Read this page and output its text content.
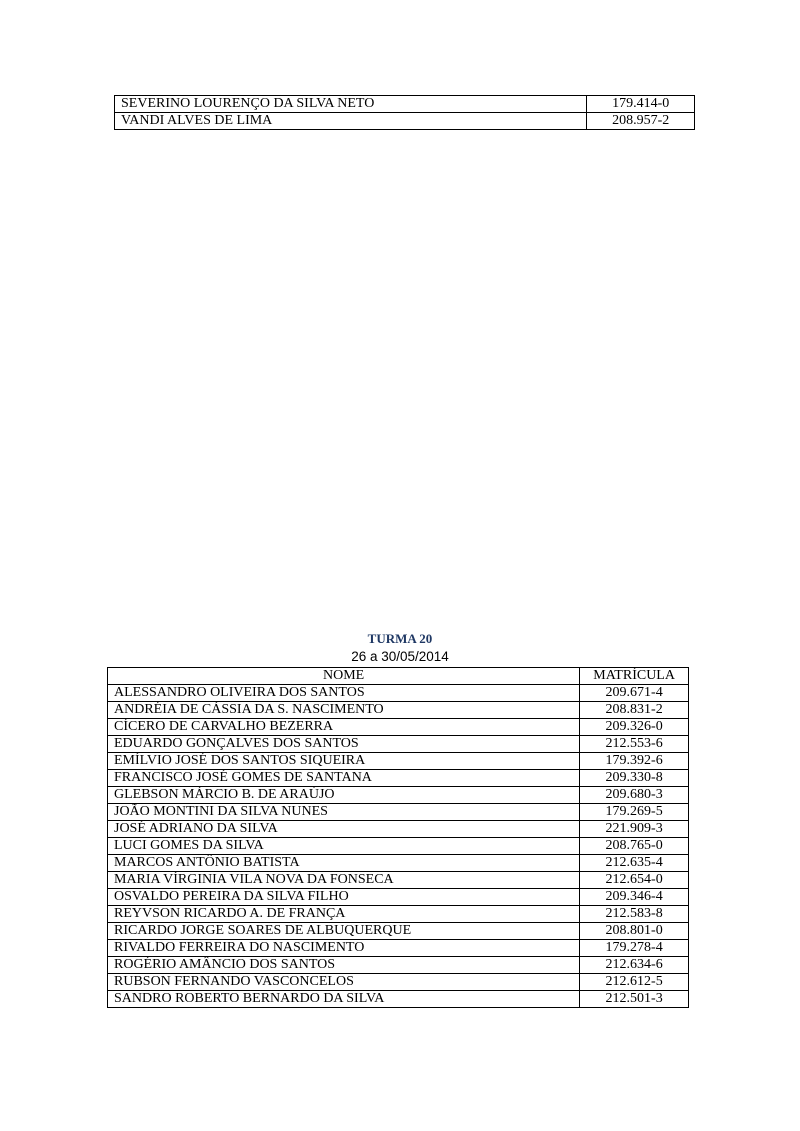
SEVERINO LOURENÇO DA SILVA NETO	179.414-0
VANDI ALVES DE LIMA	208.957-2
TURMA 20
26 a 30/05/2014
NOME	MATRÍCULA
ALESSANDRO OLIVEIRA DOS SANTOS	209.671-4
ANDRÉIA DE CÁSSIA DA S. NASCIMENTO	208.831-2
CÍCERO DE CARVALHO BEZERRA	209.326-0
EDUARDO GONÇALVES DOS SANTOS	212.553-6
EMÍLVIO JOSÉ DOS SANTOS SIQUEIRA	179.392-6
FRANCISCO JOSÉ GOMES DE SANTANA	209.330-8
GLEBSON MÁRCIO B. DE ARAÚJO	209.680-3
JOÃO MONTINI DA SILVA NUNES	179.269-5
JOSÉ ADRIANO DA SILVA	221.909-3
LUCI GOMES DA SILVA	208.765-0
MARCOS ANTÔNIO BATISTA	212.635-4
MARIA VÍRGINIA VILA NOVA DA FONSECA	212.654-0
OSVALDO PEREIRA DA SILVA FILHO	209.346-4
REYVSON RICARDO A. DE FRANÇA	212.583-8
RICARDO JORGE SOARES DE ALBUQUERQUE	208.801-0
RIVALDO FERREIRA DO NASCIMENTO	179.278-4
ROGÉRIO AMÂNCIO DOS SANTOS	212.634-6
RUBSON FERNANDO VASCONCELOS	212.612-5
SANDRO ROBERTO BERNARDO DA SILVA	212.501-3
